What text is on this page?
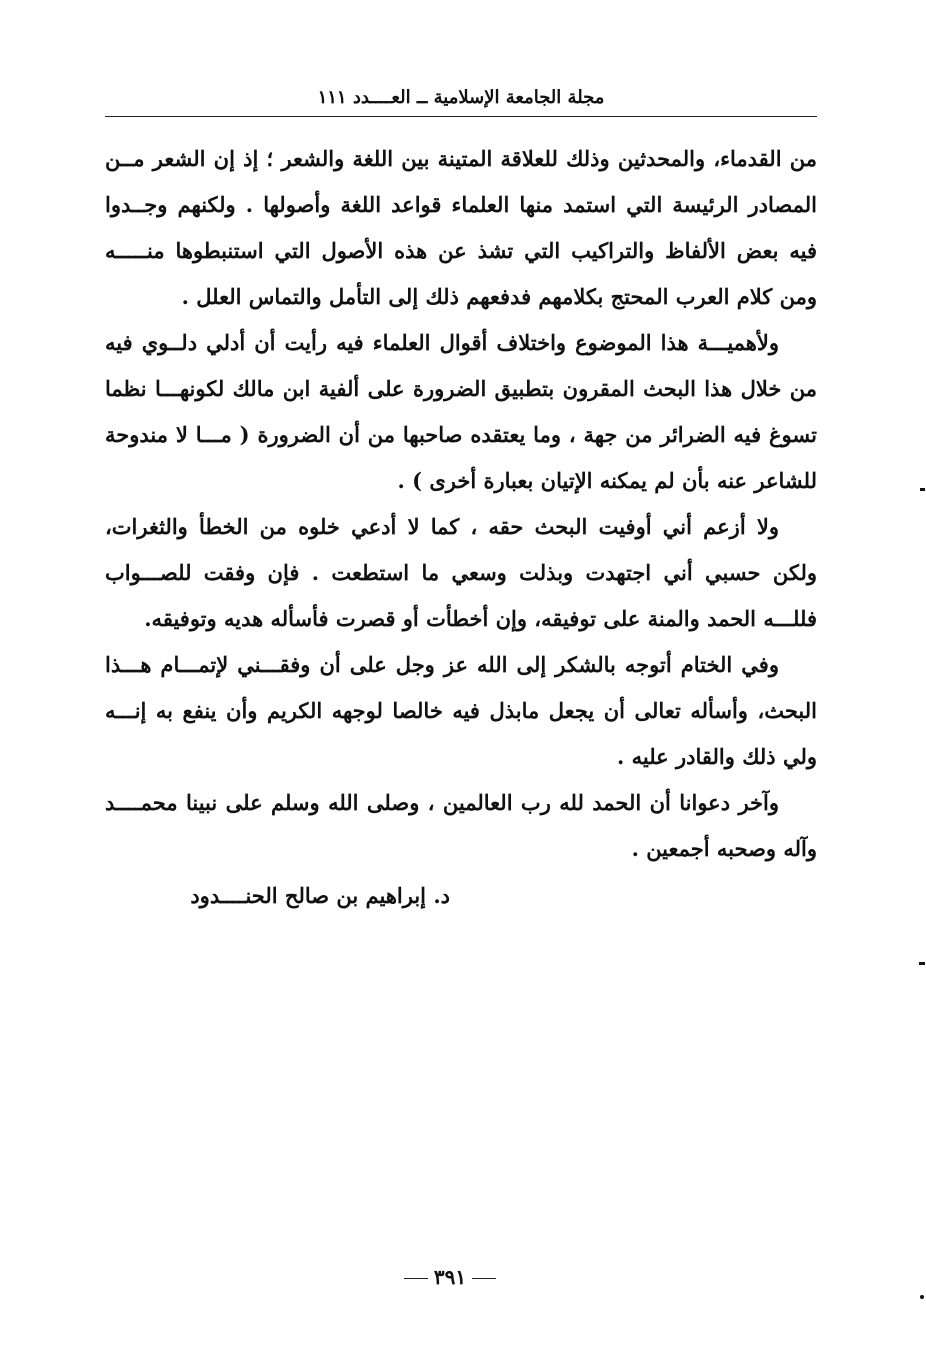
مجلة الجامعة الإسلامية ــ العــــدد ١١١

من القدماء، والمحدثين وذلك للعلاقة المتينة بين اللغة والشعر ؛ إذ إن الشعر مــن المصادر الرئيسة التي استمد منها العلماء قواعد اللغة وأصولها . ولكنهم وجــدوا فيه بعض الألفاظ والتراكيب التي تشذ عن هذه الأصول التي استنبطوها منـــــه ومن كلام العرب المحتج بكلامهم فدفعهم ذلك إلى التأمل والتماس العلل .

ولأهميـــة هذا الموضوع واختلاف أقوال العلماء فيه رأيت أن أدلي دلــوي فيه من خلال هذا البحث المقرون بتطبيق الضرورة على ألفية ابن مالك لكونهـــا نظما تسوغ فيه الضرائر من جهة ، وما يعتقده صاحبها من أن الضرورة ( مـــا لا مندوحة للشاعر عنه بأن لم يمكنه الإتيان بعبارة أخرى ) .

ولا أزعم أني أوفيت البحث حقه ، كما لا أدعي خلوه من الخطأ والثغرات، ولكن حسبي أني اجتهدت وبذلت وسعي ما استطعت . فإن وفقت للصـــواب فللـــه الحمد والمنة على توفيقه، وإن أخطأت أو قصرت فأسأله هديه وتوفيقه.

وفي الختام أتوجه بالشكر إلى الله عز وجل على أن وفقـــني لإتمـــام هـــذا البحث، وأسأله تعالى أن يجعل مابذل فيه خالصا لوجهه الكريم وأن ينفع به إنـــه ولي ذلك والقادر عليه .

وآخر دعوانا أن الحمد لله رب العالمين ، وصلى الله وسلم على نبينا محمــــد وآله وصحبه أجمعين .

د. إبراهيم بن صالح الحنــــدود
٣٩١
